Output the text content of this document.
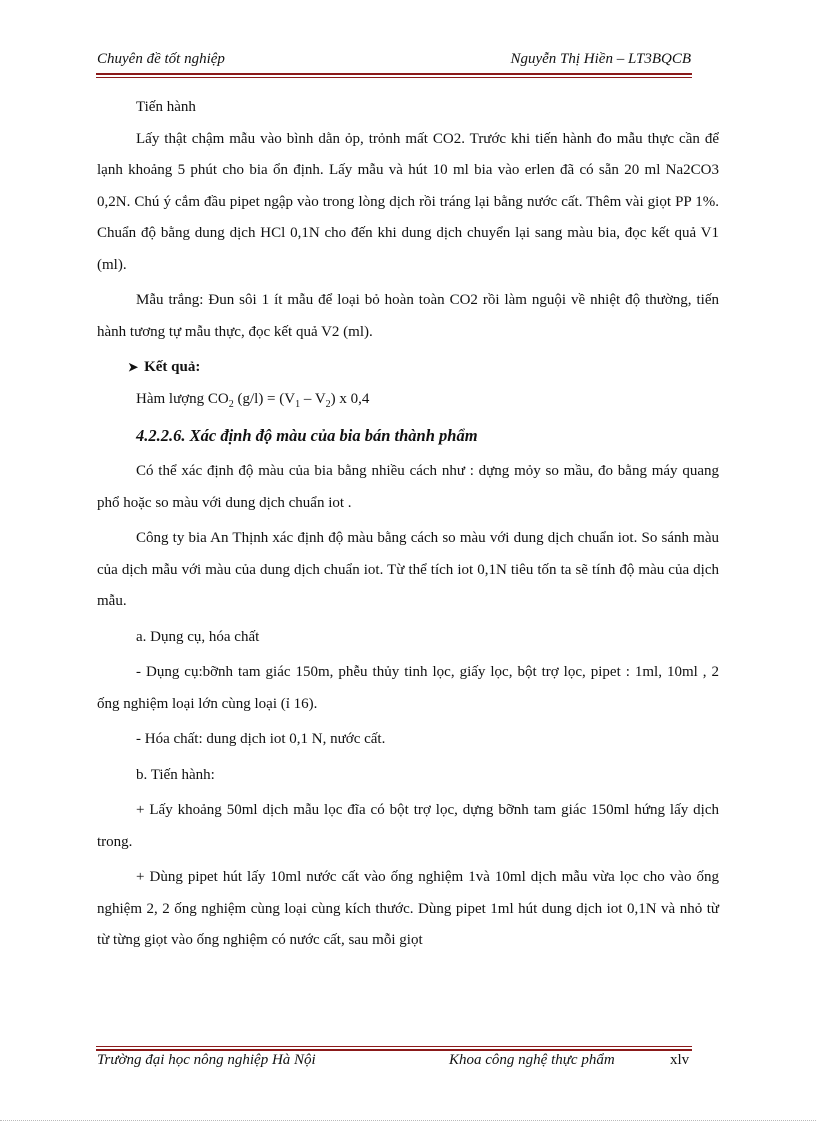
Chuyên đề tốt nghiệp	Nguyễn Thị Hiền – LT3BQCB

Tiến hành

Lấy thật chậm mẫu vào bình dằn ỏp, trỏnh mất CO2. Trước khi tiến hành đo mẫu thực cần để lạnh khoảng 5 phút cho bia ổn định. Lấy mẫu và hút 10 ml bia vào erlen đã có sẵn 20 ml Na2CO3 0,2N. Chú ý cắm đầu pipet ngập vào trong lòng dịch rồi tráng lại bằng nước cất. Thêm vài giọt PP 1%. Chuẩn độ bằng dung dịch HCl 0,1N cho đến khi dung dịch chuyển lại sang màu bia, đọc kết quả V1 (ml).

Mẫu trắng: Đun sôi 1 ít mẫu để loại bỏ hoàn toàn CO2 rồi làm nguội về nhiệt độ thường, tiến hành tương tự mẫu thực, đọc kết quả V2 (ml).

➤ Kết quả:

Hàm lượng $CO_2$ $(g/l) = (V_1 - V_2)$ x 0,4

4.2.2.6. Xác định độ màu của bia bán thành phẩm

Có thể xác định độ màu của bia bằng nhiều cách như : dựng mỏy so mầu, đo bằng máy quang phổ hoặc so màu với dung dịch chuẩn iot .

Công ty bia An Thịnh xác định độ màu bằng cách so màu với dung dịch chuẩn iot. So sánh màu của dịch mẫu với màu của dung dịch chuẩn iot. Từ thể tích iot 0,1N tiêu tốn ta sẽ tính độ màu của dịch mẫu.

a. Dụng cụ, hóa chất

- Dụng cụ:bỡnh tam giác 150m, phễu thủy tinh lọc, giấy lọc, bột trợ lọc, pipet : 1ml, 10ml , 2 ống nghiệm loại lớn cùng loại (ỉ 16).

- Hóa chất: dung dịch iot 0,1 N, nước cất.

b. Tiến hành:

+ Lấy khoảng 50ml dịch mẫu lọc đĩa có bột trợ lọc, dựng bỡnh tam giác 150ml hứng lấy dịch trong.

+ Dùng pipet hút lấy 10ml nước cất vào ống nghiệm 1và 10ml dịch mẫu vừa lọc cho vào ống nghiệm 2, 2 ống nghiệm cùng loại cùng kích thước. Dùng pipet 1ml hút dung dịch iot 0,1N và nhỏ từ từ từng giọt vào ống nghiệm có nước cất, sau mỗi giọt

Trường đại học nông nghiệp Hà Nội	Khoa công nghệ thực phẩm	xlv
